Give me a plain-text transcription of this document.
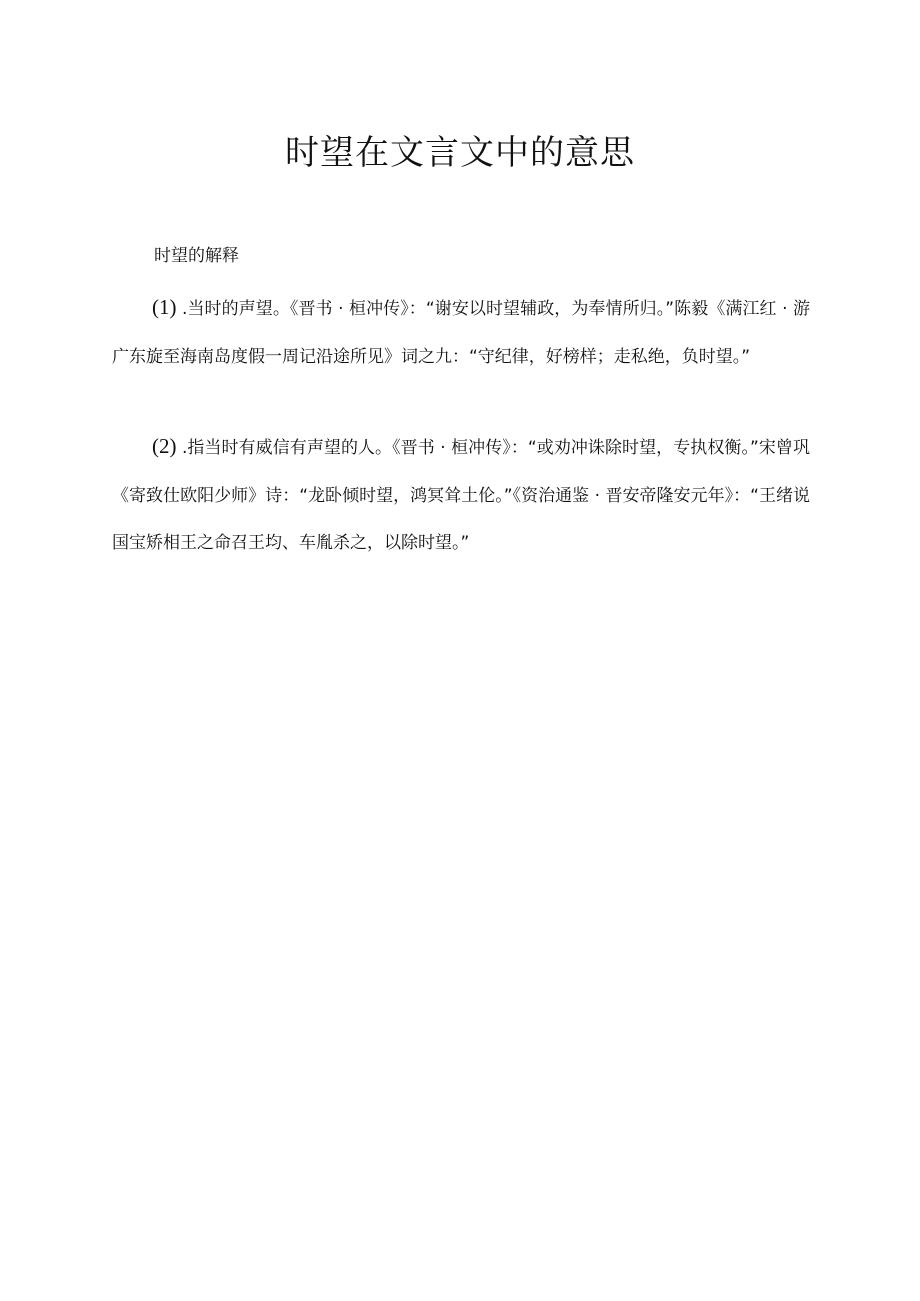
时望在文言文中的意思

时望的解释

(1) .当时的声望。《晋书 · 桓冲传》：“谢安以时望辅政，为奉情所归。”陈毅《满江红 · 游广东旋至海南岛度假一周记沿途所见》词之九：“守纪律，好榜样；走私绝，负时望。”

(2) .指当时有威信有声望的人。《晋书 · 桓冲传》：“或劝冲诛除时望，专执权衡。”宋曾巩《寄致仕欧阳少师》诗：“龙卧倾时望，鸿冥耸土伦。”《资治通鉴 · 晋安帝隆安元年》：“王绪说国宝矫相王之命召王均、车胤杀之，以除时望。”
